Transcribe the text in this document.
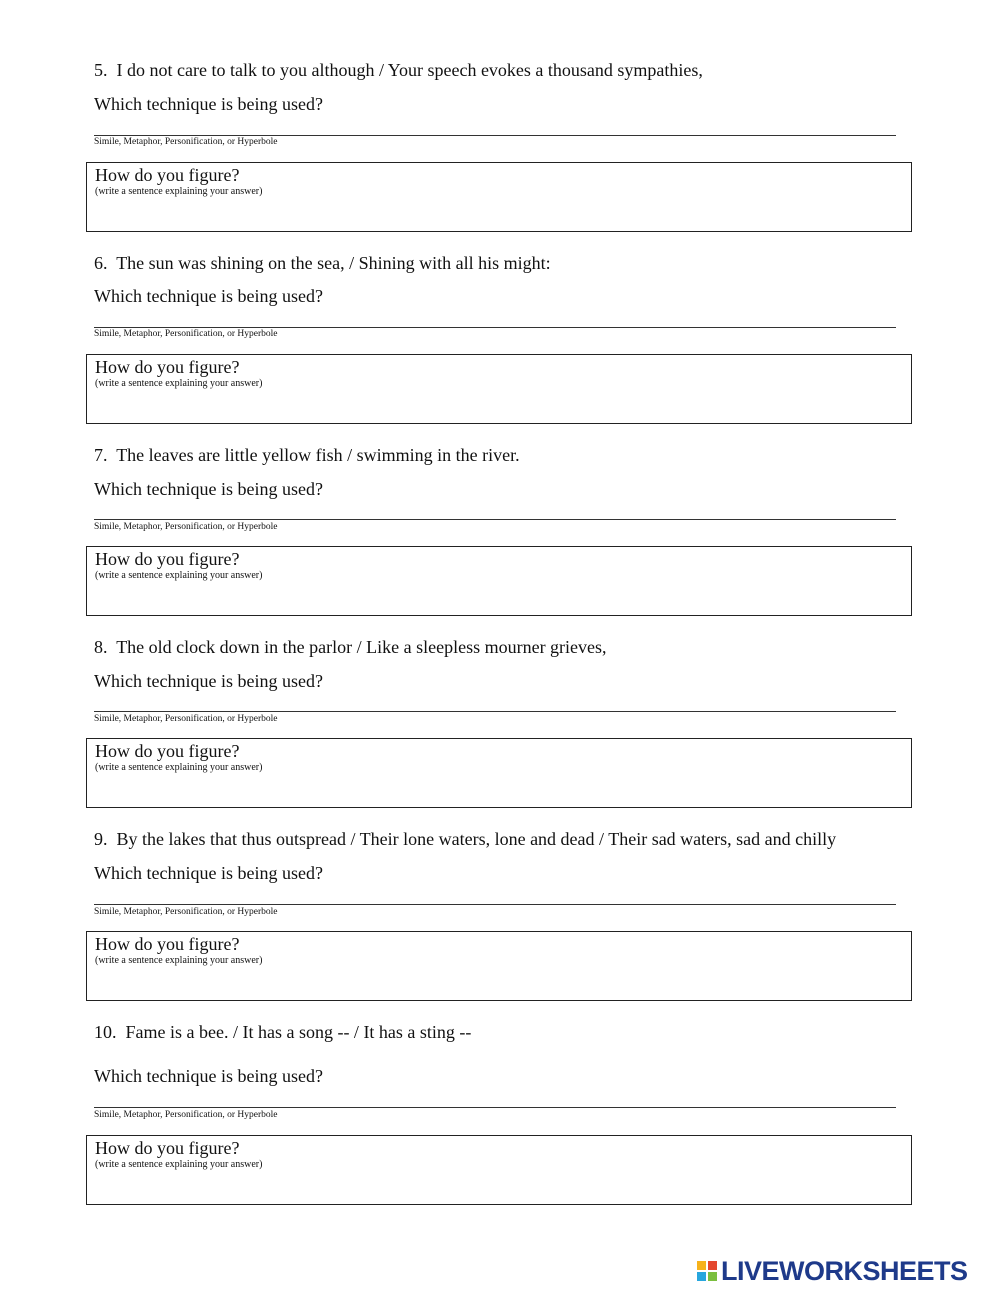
5. I do not care to talk to you although / Your speech evokes a thousand sympathies,
Which technique is being used?
Simile, Metaphor, Personification, or Hyperbole
How do you figure?
(write a sentence explaining your answer)
6. The sun was shining on the sea, / Shining with all his might:
Which technique is being used?
Simile, Metaphor, Personification, or Hyperbole
How do you figure?
(write a sentence explaining your answer)
7. The leaves are little yellow fish / swimming in the river.
Which technique is being used?
Simile, Metaphor, Personification, or Hyperbole
How do you figure?
(write a sentence explaining your answer)
8. The old clock down in the parlor / Like a sleepless mourner grieves,
Which technique is being used?
Simile, Metaphor, Personification, or Hyperbole
How do you figure?
(write a sentence explaining your answer)
9. By the lakes that thus outspread / Their lone waters, lone and dead / Their sad waters, sad and chilly
Which technique is being used?
Simile, Metaphor, Personification, or Hyperbole
How do you figure?
(write a sentence explaining your answer)
10. Fame is a bee. / It has a song -- / It has a sting --
Which technique is being used?
Simile, Metaphor, Personification, or Hyperbole
How do you figure?
(write a sentence explaining your answer)
LIVEWORKSHEETS
